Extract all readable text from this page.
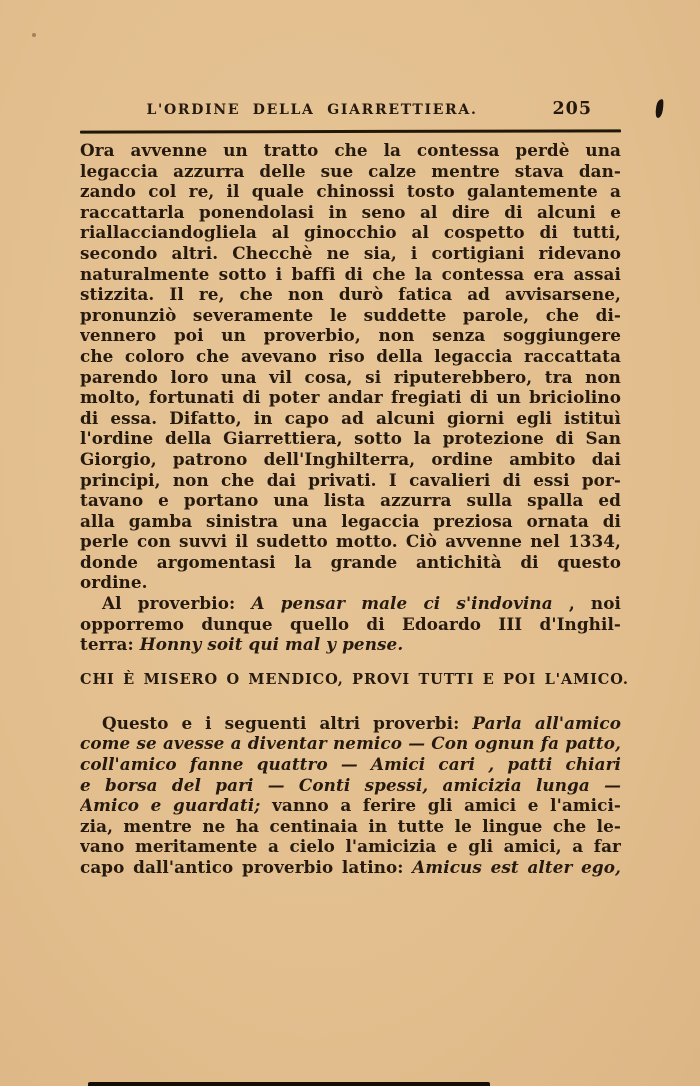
L'ORDINE DELLA GIARRETTIERA.	205
Ora avvenne un tratto che la contessa perdè una
legaccia azzurra delle sue calze mentre stava dan-
zando col re, il quale chinossi tosto galantemente a
raccattarla ponendolasi in seno al dire di alcuni e
riallacciandogliela al ginocchio al cospetto di tutti,
secondo altri. Checchè ne sia, i cortigiani ridevano
naturalmente sotto i baffi di che la contessa era assai
stizzita. Il re, che non durò fatica ad avvisarsene,
pronunziò severamente le suddette parole, che di-
vennero poi un proverbio, non senza soggiungere
che coloro che avevano riso della legaccia raccattata
parendo loro una vil cosa, si riputerebbero, tra non
molto, fortunati di poter andar fregiati di un briciolino
di essa. Difatto, in capo ad alcuni giorni egli istituì
l'ordine della Giarrettiera, sotto la protezione di San
Giorgio, patrono dell'Inghilterra, ordine ambito dai
principi, non che dai privati. I cavalieri di essi por-
tavano e portano una lista azzurra sulla spalla ed
alla gamba sinistra una legaccia preziosa ornata di
perle con suvvi il sudetto motto. Ciò avvenne nel 1334,
donde argomentasi la grande antichità di questo
ordine.
Al proverbio: A pensar male ci s'indovina , noi
opporremo dunque quello di Edoardo III d'Inghil-
terra: Honny soit qui mal y pense.
CHI È MISERO O MENDICO, PROVI TUTTI E POI L'AMICO.
Questo e i seguenti altri proverbi: Parla all'amico
come se avesse a diventar nemico — Con ognun fa patto,
coll'amico fanne quattro — Amici cari , patti chiari
e borsa del pari — Conti spessi, amicizia lunga —
Amico e guardati; vanno a ferire gli amici e l'amici-
zia, mentre ne ha centinaia in tutte le lingue che le-
vano meritamente a cielo l'amicizia e gli amici, a far
capo dall'antico proverbio latino: Amicus est alter ego,
